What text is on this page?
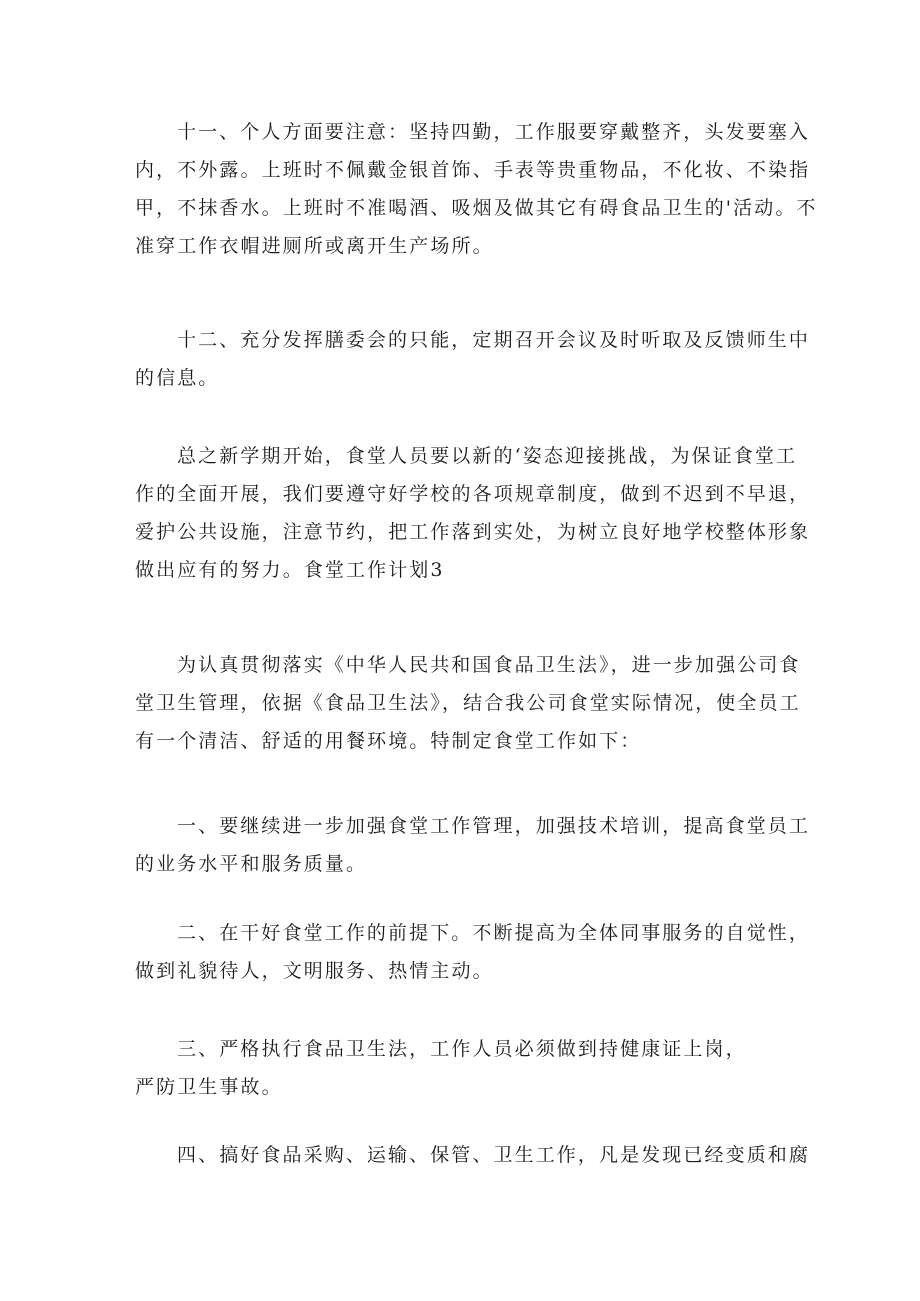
十一、个人方面要注意：坚持四勤，工作服要穿戴整齐，头发要塞入
内，不外露。上班时不佩戴金银首饰、手表等贵重物品，不化妆、不染指
甲，不抹香水。上班时不准喝酒、吸烟及做其它有碍食品卫生的'活动。不
准穿工作衣帽进厕所或离开生产场所。

十二、充分发挥膳委会的只能，定期召开会议及时听取及反馈师生中
的信息。

总之新学期开始，食堂人员要以新的‘姿态迎接挑战，为保证食堂工
作的全面开展，我们要遵守好学校的各项规章制度，做到不迟到不早退，
爱护公共设施，注意节约，把工作落到实处，为树立良好地学校整体形象
做出应有的努力。食堂工作计划3

为认真贯彻落实《中华人民共和国食品卫生法》，进一步加强公司食
堂卫生管理，依据《食品卫生法》，结合我公司食堂实际情况，使全员工
有一个清洁、舒适的用餐环境。特制定食堂工作如下：

一、要继续进一步加强食堂工作管理，加强技术培训，提高食堂员工
的业务水平和服务质量。

二、在干好食堂工作的前提下。不断提高为全体同事服务的自觉性，
做到礼貌待人，文明服务、热情主动。

三、严格执行食品卫生法，工作人员必须做到持健康证上岗，
严防卫生事故。

四、搞好食品采购、运输、保管、卫生工作，凡是发现已经变质和腐
